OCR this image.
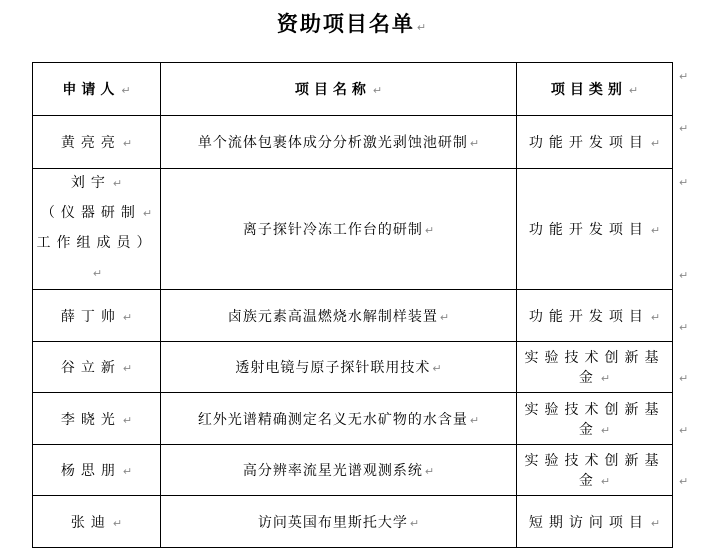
资助项目名单 ↵
申请人 ↵	项目名称 ↵	项目类别 ↵
黄亮亮 ↵	单个流体包裹体成分分析激光剥蚀池研制 ↵	功能开发项目 ↵

刘宇 ↵
（仪器研制 ↵
工作组成员）↵	离子探针冷冻工作台的研制 ↵	功能开发项目 ↵
薛丁帅 ↵	卤族元素高温燃烧水解制样装置 ↵	功能开发项目 ↵
谷立新 ↵	透射电镜与原子探针联用技术 ↵	实验技术创新基金 ↵
李晓光 ↵	红外光谱精确测定名义无水矿物的水含量 ↵	实验技术创新基金 ↵
杨思朋 ↵	高分辨率流星光谱观测系统 ↵	实验技术创新基金 ↵
张迪 ↵	访问英国布里斯托大学 ↵	短期访问项目 ↵
↵
↵
↵
↵
↵
↵
↵
↵
